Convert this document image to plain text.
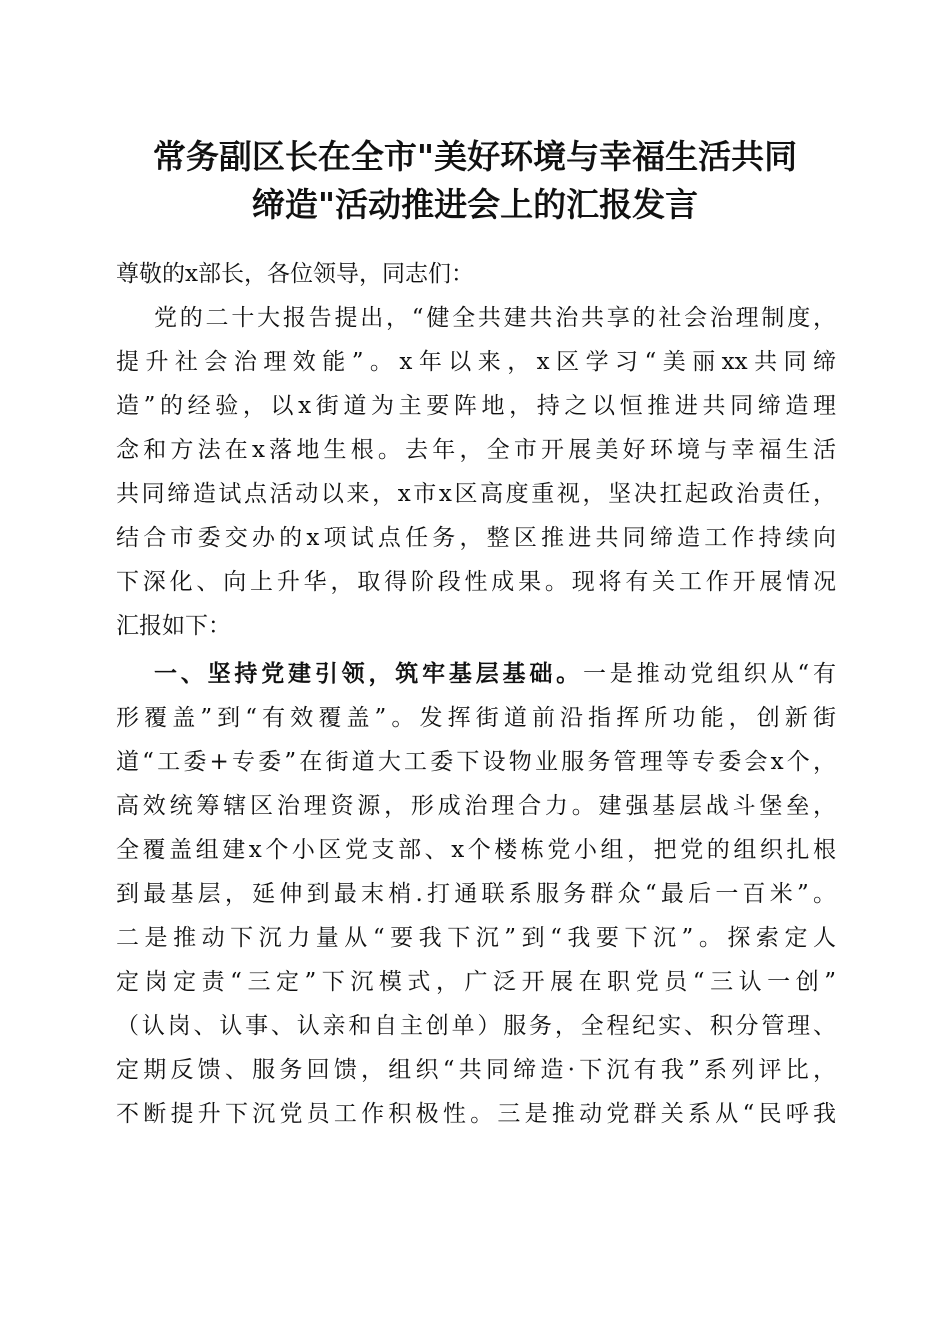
常务副区长在全市"美好环境与幸福生活共同
缔造"活动推进会上的汇报发言
尊敬的x部长，各位领导，同志们：
党的二十大报告提出，“健全共建共治共享的社会治理制度，
提升社会治理效能”。x年以来，x区学习“美丽xx共同缔
造”的经验，以x街道为主要阵地，持之以恒推进共同缔造理
念和方法在x落地生根。去年，全市开展美好环境与幸福生活
共同缔造试点活动以来，x市x区高度重视，坚决扛起政治责任，
结合市委交办的x项试点任务，整区推进共同缔造工作持续向
下深化、向上升华，取得阶段性成果。现将有关工作开展情况
汇报如下：
一、坚持党建引领，筑牢基层基础。一是推动党组织从“有
形覆盖”到“有效覆盖”。发挥街道前沿指挥所功能，创新街
道“工委+专委”在街道大工委下设物业服务管理等专委会x个，
高效统筹辖区治理资源，形成治理合力。建强基层战斗堡垒，
全覆盖组建x个小区党支部、x个楼栋党小组，把党的组织扎根
到最基层，延伸到最末梢.打通联系服务群众“最后一百米”。
二是推动下沉力量从“要我下沉”到“我要下沉”。探索定人
定岗定责“三定”下沉模式，广泛开展在职党员“三认一创”
（认岗、认事、认亲和自主创单）服务，全程纪实、积分管理、
定期反馈、服务回馈，组织“共同缔造·下沉有我”系列评比，
不断提升下沉党员工作积极性。三是推动党群关系从“民呼我
